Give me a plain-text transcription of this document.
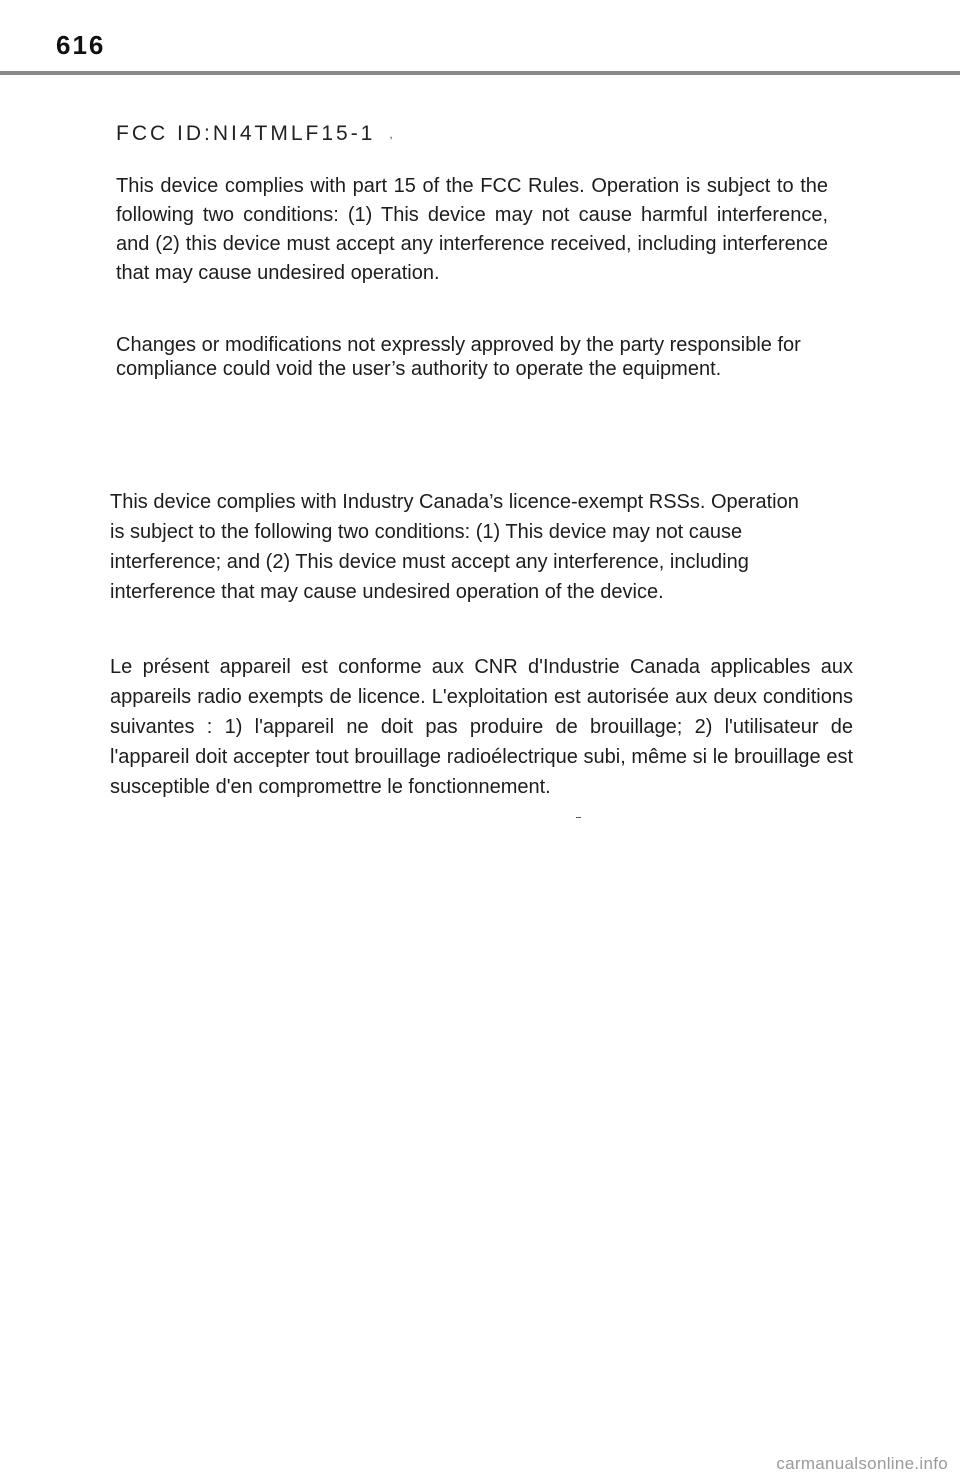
616
FCC ID:NI4TMLF15-1 ,

This device complies with part 15 of the FCC Rules. Operation is subject to the following two conditions: (1) This device may not cause harmful interference, and (2) this device must accept any interference received, including interference that may cause undesired operation.

Changes or modifications not expressly approved by the party responsible for compliance could void the user’s authority to operate the equipment.

This device complies with Industry Canada’s licence-exempt RSSs. Operation is subject to the following two conditions: (1) This device may not cause interference; and (2) This device must accept any interference, including interference that may cause undesired operation of the device.

Le présent appareil est conforme aux CNR d'Industrie Canada applicables aux appareils radio exempts de licence. L'exploitation est autorisée aux deux conditions suivantes : 1) l'appareil ne doit pas produire de brouillage; 2) l'utilisateur de l'appareil doit accepter tout brouillage radioélectrique subi, même si le brouillage est susceptible d'en compromettre le fonctionnement.

carmanualsonline.info
